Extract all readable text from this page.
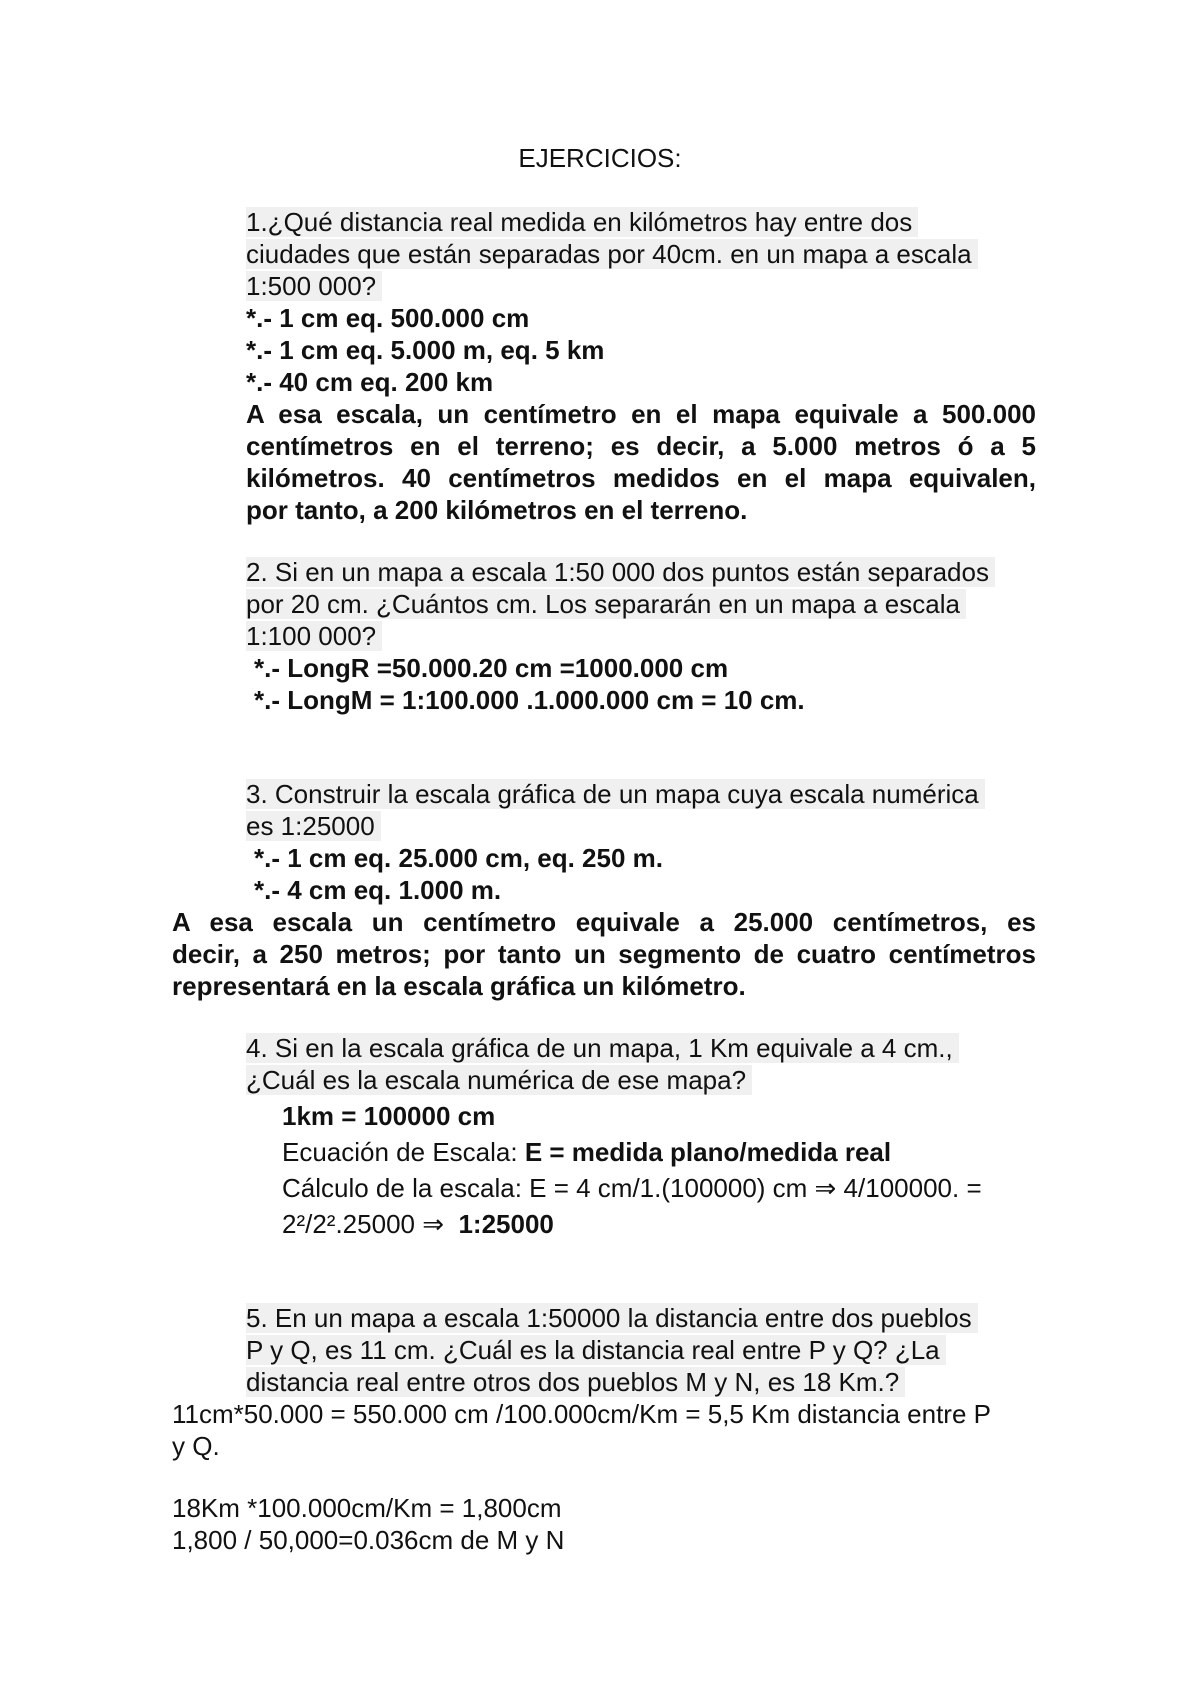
EJERCICIOS:
1.¿Qué distancia real medida en kilómetros hay entre dos
ciudades que están separadas por 40cm. en un mapa a escala
1:500 000?
*.- 1 cm eq. 500.000 cm
*.- 1 cm eq. 5.000 m, eq. 5 km
*.- 40 cm eq. 200 km
A esa escala, un centímetro en el mapa equivale a 500.000
centímetros en el terreno; es decir, a 5.000 metros ó a 5
kilómetros. 40 centímetros medidos en el mapa equivalen,
por tanto, a 200 kilómetros en el terreno.
2. Si en un mapa a escala 1:50 000 dos puntos están separados
por 20 cm. ¿Cuántos cm. Los separarán en un mapa a escala
1:100 000?
*.- LongR =50.000.20 cm =1000.000 cm
*.- LongM = 1:100.000 .1.000.000 cm = 10 cm.
3. Construir la escala gráfica de un mapa cuya escala numérica
es 1:25000
*.- 1 cm eq. 25.000 cm, eq. 250 m.
*.- 4 cm eq. 1.000 m.
A esa escala un centímetro equivale a 25.000 centímetros, es
decir, a 250 metros; por tanto un segmento de cuatro centímetros
representará en la escala gráfica un kilómetro.
4. Si en la escala gráfica de un mapa, 1 Km equivale a 4 cm.,
¿Cuál es la escala numérica de ese mapa?
1km = 100000 cm
Ecuación de Escala: E = medida plano/medida real
Cálculo de la escala: E = 4 cm/1.(100000) cm ⇒ 4/100000. =
2²/2².25000 ⇒ 1:25000
5. En un mapa a escala 1:50000 la distancia entre dos pueblos
P y Q, es 11 cm. ¿Cuál es la distancia real entre P y Q? ¿La
distancia real entre otros dos pueblos M y N, es 18 Km.?
11cm*50.000 = 550.000 cm /100.000cm/Km = 5,5 Km distancia entre P
y Q.
18Km *100.000cm/Km = 1,800cm
1,800 / 50,000=0.036cm de M y N
